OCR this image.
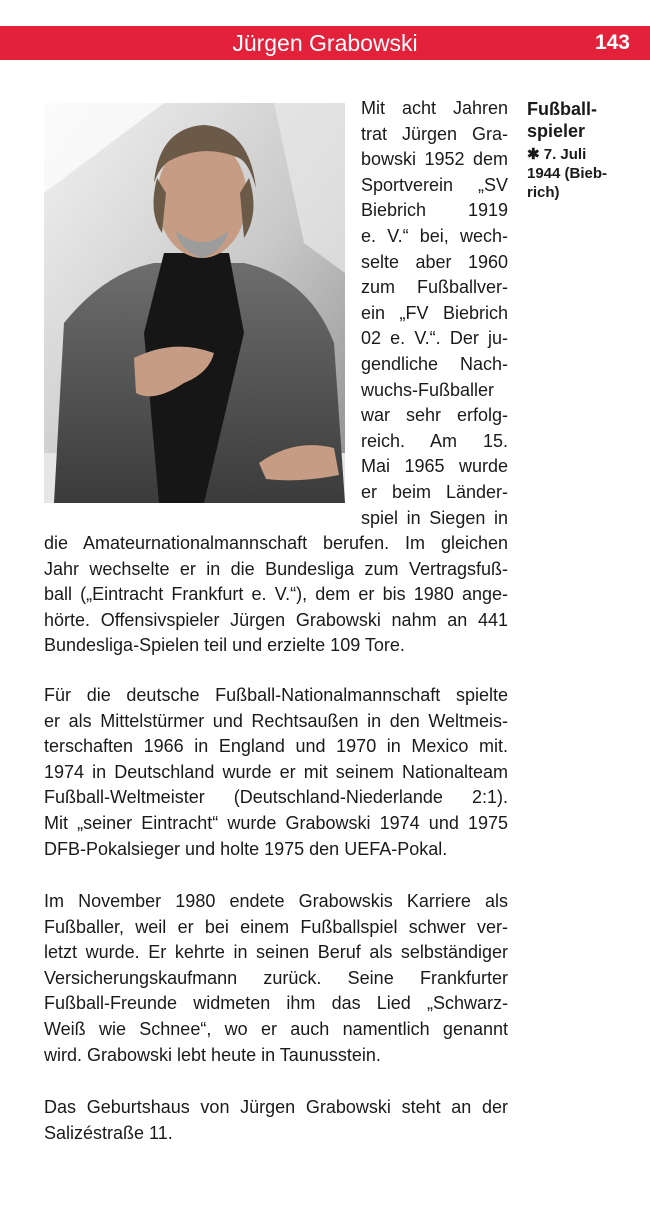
Jürgen Grabowski	143
Mit acht Jahren
trat Jürgen Gra-
bowski 1952 dem
Sportverein „SV
Biebrich 1919
e. V.“ bei, wech-
selte aber 1960
zum Fußballver-
ein „FV Biebrich
02 e. V.“. Der ju-
gendliche Nach-
wuchs-Fußballer
war sehr erfolg-
reich. Am 15.
Mai 1965 wurde
er beim Länder-
spiel in Siegen in
die Amateurnationalmannschaft berufen. Im gleichen
Jahr wechselte er in die Bundesliga zum Vertragsfuß-
ball („Eintracht Frankfurt e. V.“), dem er bis 1980 ange-
hörte. Offensivspieler Jürgen Grabowski nahm an 441
Bundesliga-Spielen teil und erzielte 109 Tore.
Für die deutsche Fußball-Nationalmannschaft spielte
er als Mittelstürmer und Rechtsaußen in den Weltmeis-
terschaften 1966 in England und 1970 in Mexico mit.
1974 in Deutschland wurde er mit seinem Nationalteam
Fußball-Weltmeister (Deutschland-Niederlande 2:1).
Mit „seiner Eintracht“ wurde Grabowski 1974 und 1975
DFB-Pokalsieger und holte 1975 den UEFA-Pokal.
Im November 1980 endete Grabowskis Karriere als
Fußballer, weil er bei einem Fußballspiel schwer ver-
letzt wurde. Er kehrte in seinen Beruf als selbständiger
Versicherungskaufmann zurück. Seine Frankfurter
Fußball-Freunde widmeten ihm das Lied „Schwarz-
Weiß wie Schnee“, wo er auch namentlich genannt
wird. Grabowski lebt heute in Taunusstein.
Das Geburtshaus von Jürgen Grabowski steht an der
Salizéstraße 11.
Fußball-
spieler
✱ 7. Juli
1944 (Bieb-
rich)
